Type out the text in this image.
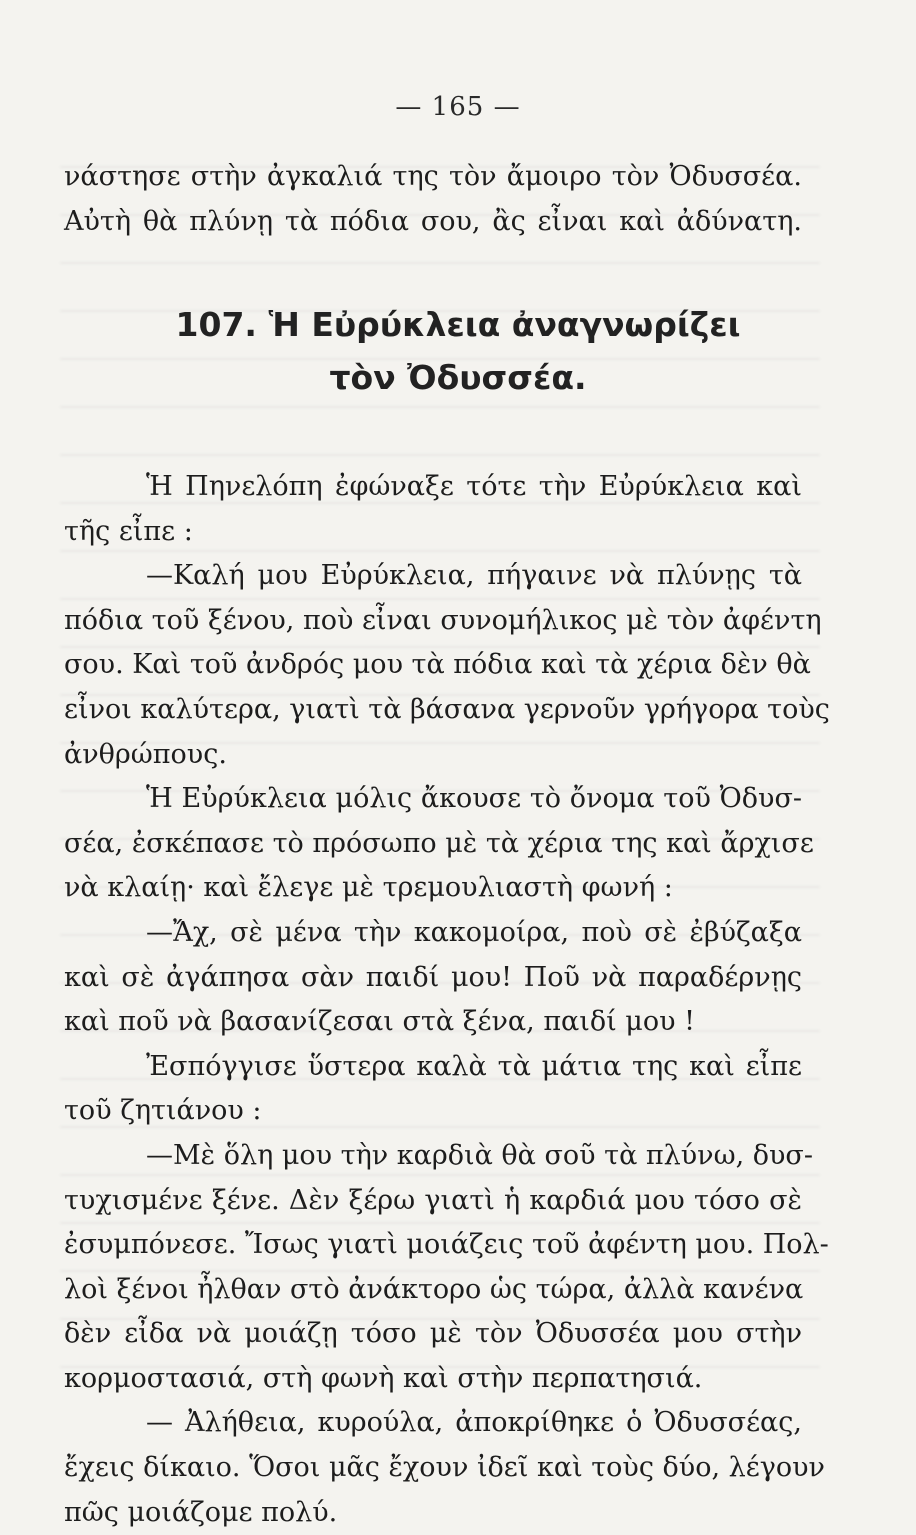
— 165 —
νάστησε στὴν ἀγκαλιά της τὸν ἄμοιρο τὸν Ὀδυσσέα.
Αὐτὴ θὰ πλύνῃ τὰ πόδια σου, ἂς εἶναι καὶ ἀδύνατη.
107. Ἡ Εὐρύκλεια ἀναγνωρίζει
τὸν Ὀδυσσέα.
Ἡ Πηνελόπη ἐφώναξε τότε τὴν Εὐρύκλεια καὶ
τῆς εἶπε :
—Καλή μου Εὐρύκλεια, πήγαινε νὰ πλύνῃς τὰ
πόδια τοῦ ξένου, ποὺ εἶναι συνομήλικος μὲ τὸν ἀφέντη
σου. Καὶ τοῦ ἀνδρός μου τὰ πόδια καὶ τὰ χέρια δὲν θὰ
εἶνοι καλύτερα, γιατὶ τὰ βάσανα γερνοῦν γρήγορα τοὺς
ἀνθρώπους.
Ἡ Εὐρύκλεια μόλις ἄκουσε τὸ ὄνομα τοῦ Ὀδυσ-
σέα, ἐσκέπασε τὸ πρόσωπο μὲ τὰ χέρια της καὶ ἄρχισε
νὰ κλαίῃ· καὶ ἔλεγε μὲ τρεμουλιαστὴ φωνή :
—Ἄχ, σὲ μένα τὴν κακομοίρα, ποὺ σὲ ἐβύζαξα
καὶ σὲ ἀγάπησα σὰν παιδί μου! Ποῦ νὰ παραδέρνῃς
καὶ ποῦ νὰ βασανίζεσαι στὰ ξένα, παιδί μου !
Ἐσπόγγισε ὕστερα καλὰ τὰ μάτια της καὶ εἶπε
τοῦ ζητιάνου :
—Μὲ ὅλη μου τὴν καρδιὰ θὰ σοῦ τὰ πλύνω, δυσ-
τυχισμένε ξένε. Δὲν ξέρω γιατὶ ἡ καρδιά μου τόσο σὲ
ἐσυμπόνεσε. Ἴσως γιατὶ μοιάζεις τοῦ ἀφέντη μου. Πολ-
λοὶ ξένοι ἦλθαν στὸ ἀνάκτορο ὡς τώρα, ἀλλὰ κανένα
δὲν εἶδα νὰ μοιάζῃ τόσο μὲ τὸν Ὀδυσσέα μου στὴν
κορμοστασιά, στὴ φωνὴ καὶ στὴν περπατησιά.
— Ἀλήθεια, κυρούλα, ἀποκρίθηκε ὁ Ὀδυσσέας,
ἔχεις δίκαιο. Ὅσοι μᾶς ἔχουν ἰδεῖ καὶ τοὺς δύο, λέγουν
πῶς μοιάζομε πολύ.
